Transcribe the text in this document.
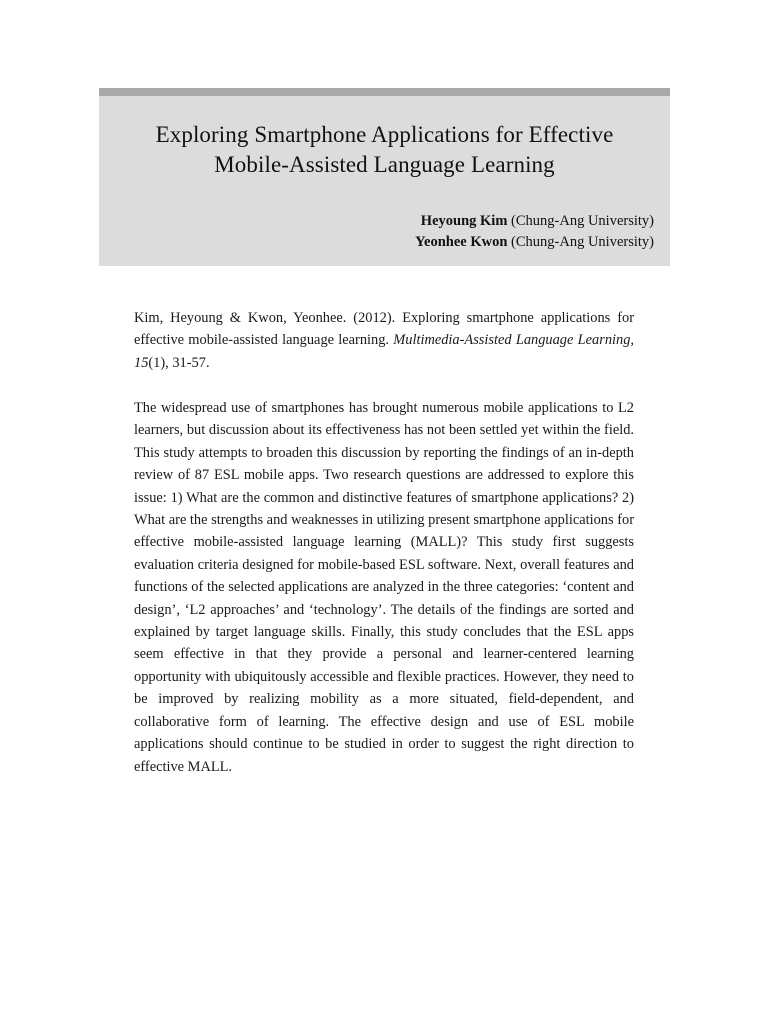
Exploring Smartphone Applications for Effective
Mobile-Assisted Language Learning
Heyoung Kim (Chung-Ang University)
Yeonhee Kwon (Chung-Ang University)

Kim, Heyoung & Kwon, Yeonhee. (2012). Exploring smartphone applications for effective mobile-assisted language learning. Multimedia-Assisted Language Learning, 15(1), 31-57.

The widespread use of smartphones has brought numerous mobile applications to L2 learners, but discussion about its effectiveness has not been settled yet within the field. This study attempts to broaden this discussion by reporting the findings of an in-depth review of 87 ESL mobile apps. Two research questions are addressed to explore this issue: 1) What are the common and distinctive features of smartphone applications? 2) What are the strengths and weaknesses in utilizing present smartphone applications for effective mobile-assisted language learning (MALL)? This study first suggests evaluation criteria designed for mobile-based ESL software. Next, overall features and functions of the selected applications are analyzed in the three categories: ‘content and design’, ‘L2 approaches’ and ‘technology’. The details of the findings are sorted and explained by target language skills. Finally, this study concludes that the ESL apps seem effective in that they provide a personal and learner-centered learning opportunity with ubiquitously accessible and flexible practices. However, they need to be improved by realizing mobility as a more situated, field-dependent, and collaborative form of learning. The effective design and use of ESL mobile applications should continue to be studied in order to suggest the right direction to effective MALL.
